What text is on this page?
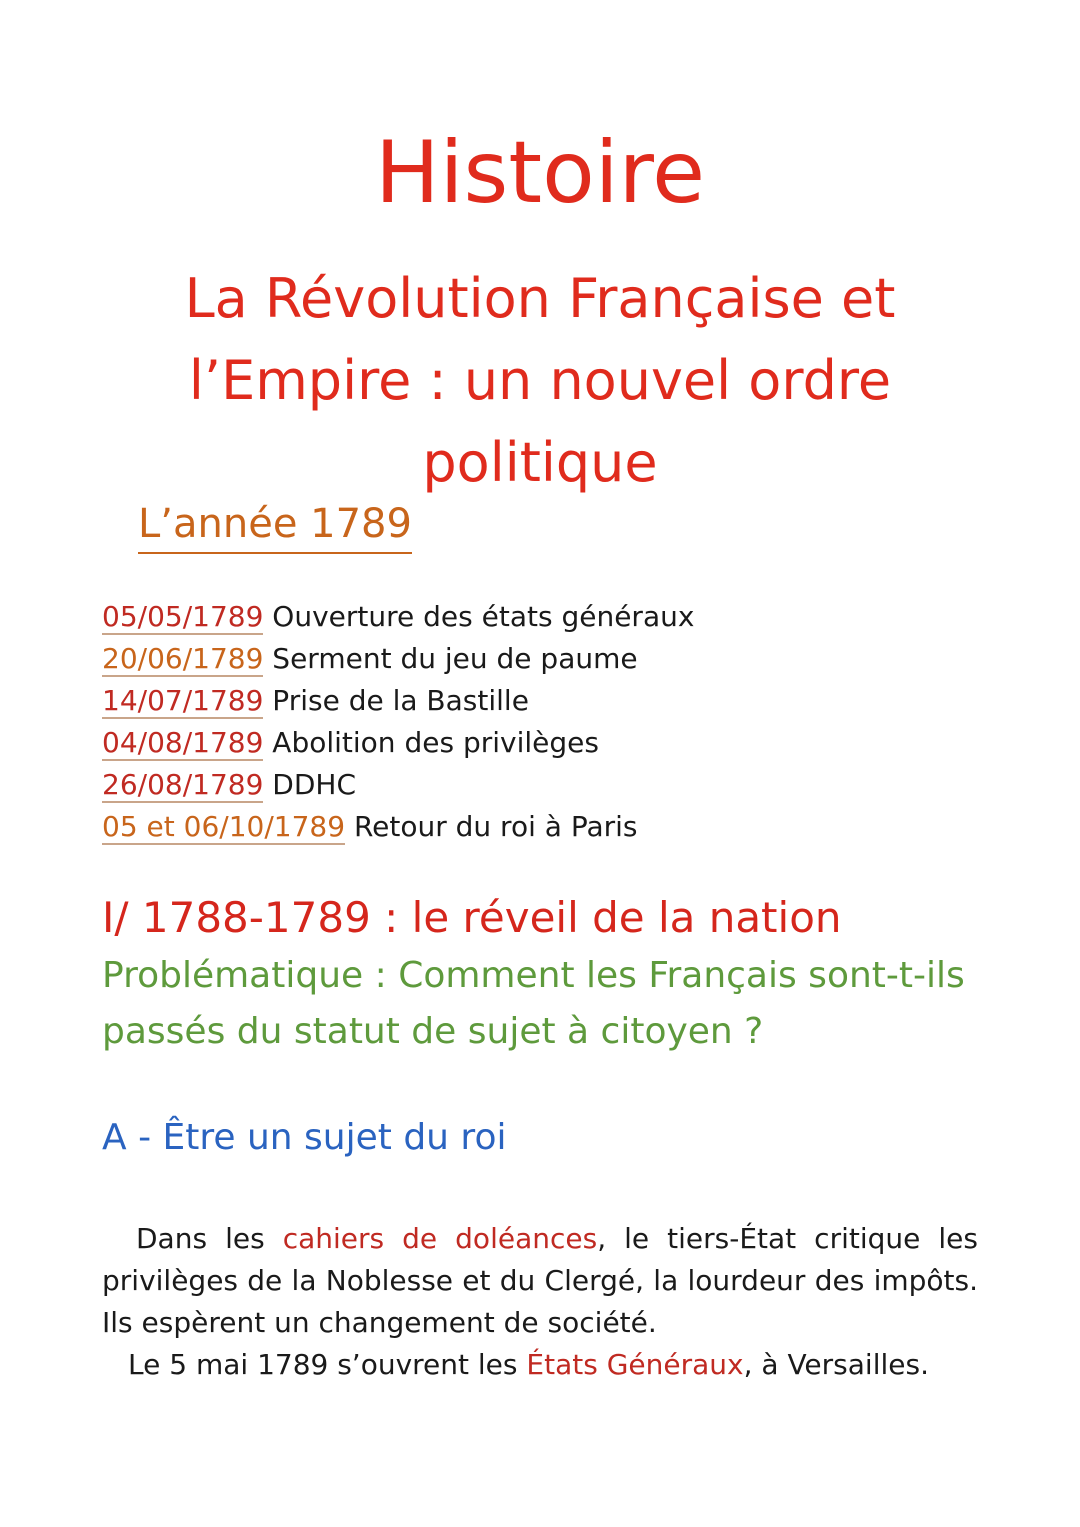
Histoire
La Révolution Française et l’Empire : un nouvel ordre politique
L’année 1789
05/05/1789 Ouverture des états généraux
20/06/1789 Serment du jeu de paume
14/07/1789 Prise de la Bastille
04/08/1789 Abolition des privilèges
26/08/1789 DDHC
05 et 06/10/1789 Retour du roi à Paris
I/ 1788-1789 : le réveil de la nation
Problématique : Comment les Français sont-t-ils passés du statut de sujet à citoyen ?
A - Être un sujet du roi

Dans les cahiers de doléances, le tiers-État critique les privilèges de la Noblesse et du Clergé, la lourdeur des impôts. Ils espèrent un changement de société.

Le 5 mai 1789 s’ouvrent les États Généraux, à Versailles.
